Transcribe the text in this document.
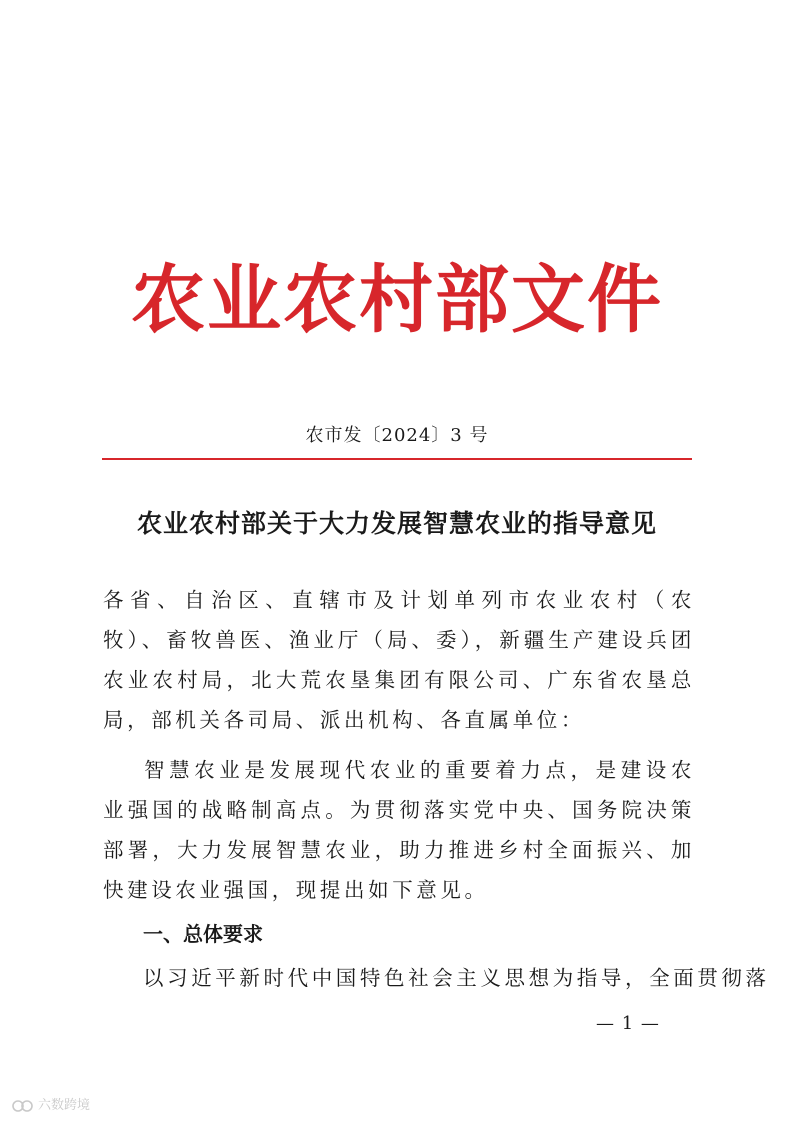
农业农村部文件
农市发〔2024〕3 号
农业农村部关于大力发展智慧农业的指导意见
各省、自治区、直辖市及计划单列市农业农村（农牧）、畜牧兽医、渔业厅（局、委），新疆生产建设兵团农业农村局，北大荒农垦集团有限公司、广东省农垦总局，部机关各司局、派出机构、各直属单位：
智慧农业是发展现代农业的重要着力点，是建设农业强国的战略制高点。为贯彻落实党中央、国务院决策部署，大力发展智慧农业，助力推进乡村全面振兴、加快建设农业强国，现提出如下意见。
一、总体要求
以习近平新时代中国特色社会主义思想为指导，全面贯彻落
— 1 —
六数跨境
